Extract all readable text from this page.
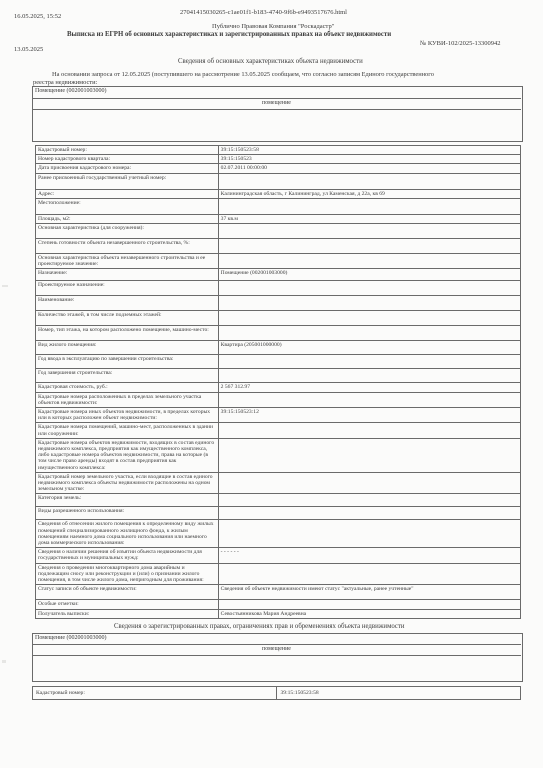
16.05.2025, 15:52
27041415030265-c1ae01f1-b183-4740-9f6b-e9493517676.html
Публично Правовая Компания "Роскадастр"
Выписка из ЕГРН об основных характеристиках и зарегистрированных правах на объект недвижимости
13.05.2025
№ КУВИ-102/2025-13300942
Сведения об основных характеристиках объекта недвижимости
На основании запроса от 12.05.2025 (поступившего на рассмотрение 13.05.2025 сообщаем, что согласно записям Единого государственного
реестра недвижимости:
Помещение (002001003000)
помещение
Кадастровый номер:	39:15:150523:58
Номер кадастрового квартала:	39:15:150523
Дата присвоения кадастрового номера:	02.07.2011 00:00:00
Ранее присвоенный государственный учетный номер:	
Адрес:	Калининградская область, г Калининград, ул Каменская, д 22а, кв 69
Местоположение:	
Площадь, м2:	37 кв.м
Основная характеристика (для сооружения):	
Степень готовности объекта незавершенного строительства, %:	
Основная характеристика объекта незавершенного строительства и ее проектируемое значение:	
Назначение:	Помещение (002001003000)
Проектируемое назначение:	
Наименование:	
Количество этажей, в том числе подземных этажей:	
Номер, тип этажа, на котором расположено помещение, машино-место:	
Вид жилого помещения:	Квартира (205001000000)
Год ввода в эксплуатацию по завершении строительства:	
Год завершения строительства:	
Кадастровая стоимость, руб.:	2 567 312.97
Кадастровые номера расположенных в пределах земельного участка объектов недвижимости:	
Кадастровые номера иных объектов недвижимости, в пределах которых или в которых расположен объект недвижимости:	39:15:150523:12
Кадастровые номера помещений, машино-мест, расположенных в здании или сооружении:	
Кадастровые номера объектов недвижимости, входящих в состав единого недвижимого комплекса, предприятия как имущественного комплекса, либо кадастровые номера объектов недвижимости, права на которые (в том числе право аренды) входят в состав предприятия как имущественного комплекса:	
Кадастровый номер земельного участка, если входящие в состав единого недвижимого комплекса объекты недвижимости расположены на одном земельном участке:	
Категория земель:	
Виды разрешенного использования:	
Сведения об отнесении жилого помещения к определенному виду жилых помещений специализированного жилищного фонда, к жилым помещениям наемного дома социального использования или наемного дома коммерческого использования:	
Сведения о наличии решения об изъятии объекта недвижимости для государственных и муниципальных нужд:	- - - - - -
Сведения о проведении многоквартирного дома аварийным и подлежащим сносу или реконструкции и (или) о признании жилого помещения, в том числе жилого дома, непригодным для проживания:	
Статус записи об объекте недвижимости:	Сведения об объекте недвижимости имеют статус "актуальные, ранее учтенные"
Особые отметки:	
Получатель выписки:	Севостьянникова Мария Андреевна
Сведения о зарегистрированных правах, ограничениях прав и обременениях объекта недвижимости
Помещение (002001003000)
помещение
Кадастровый номер:	39:15:150523:58
